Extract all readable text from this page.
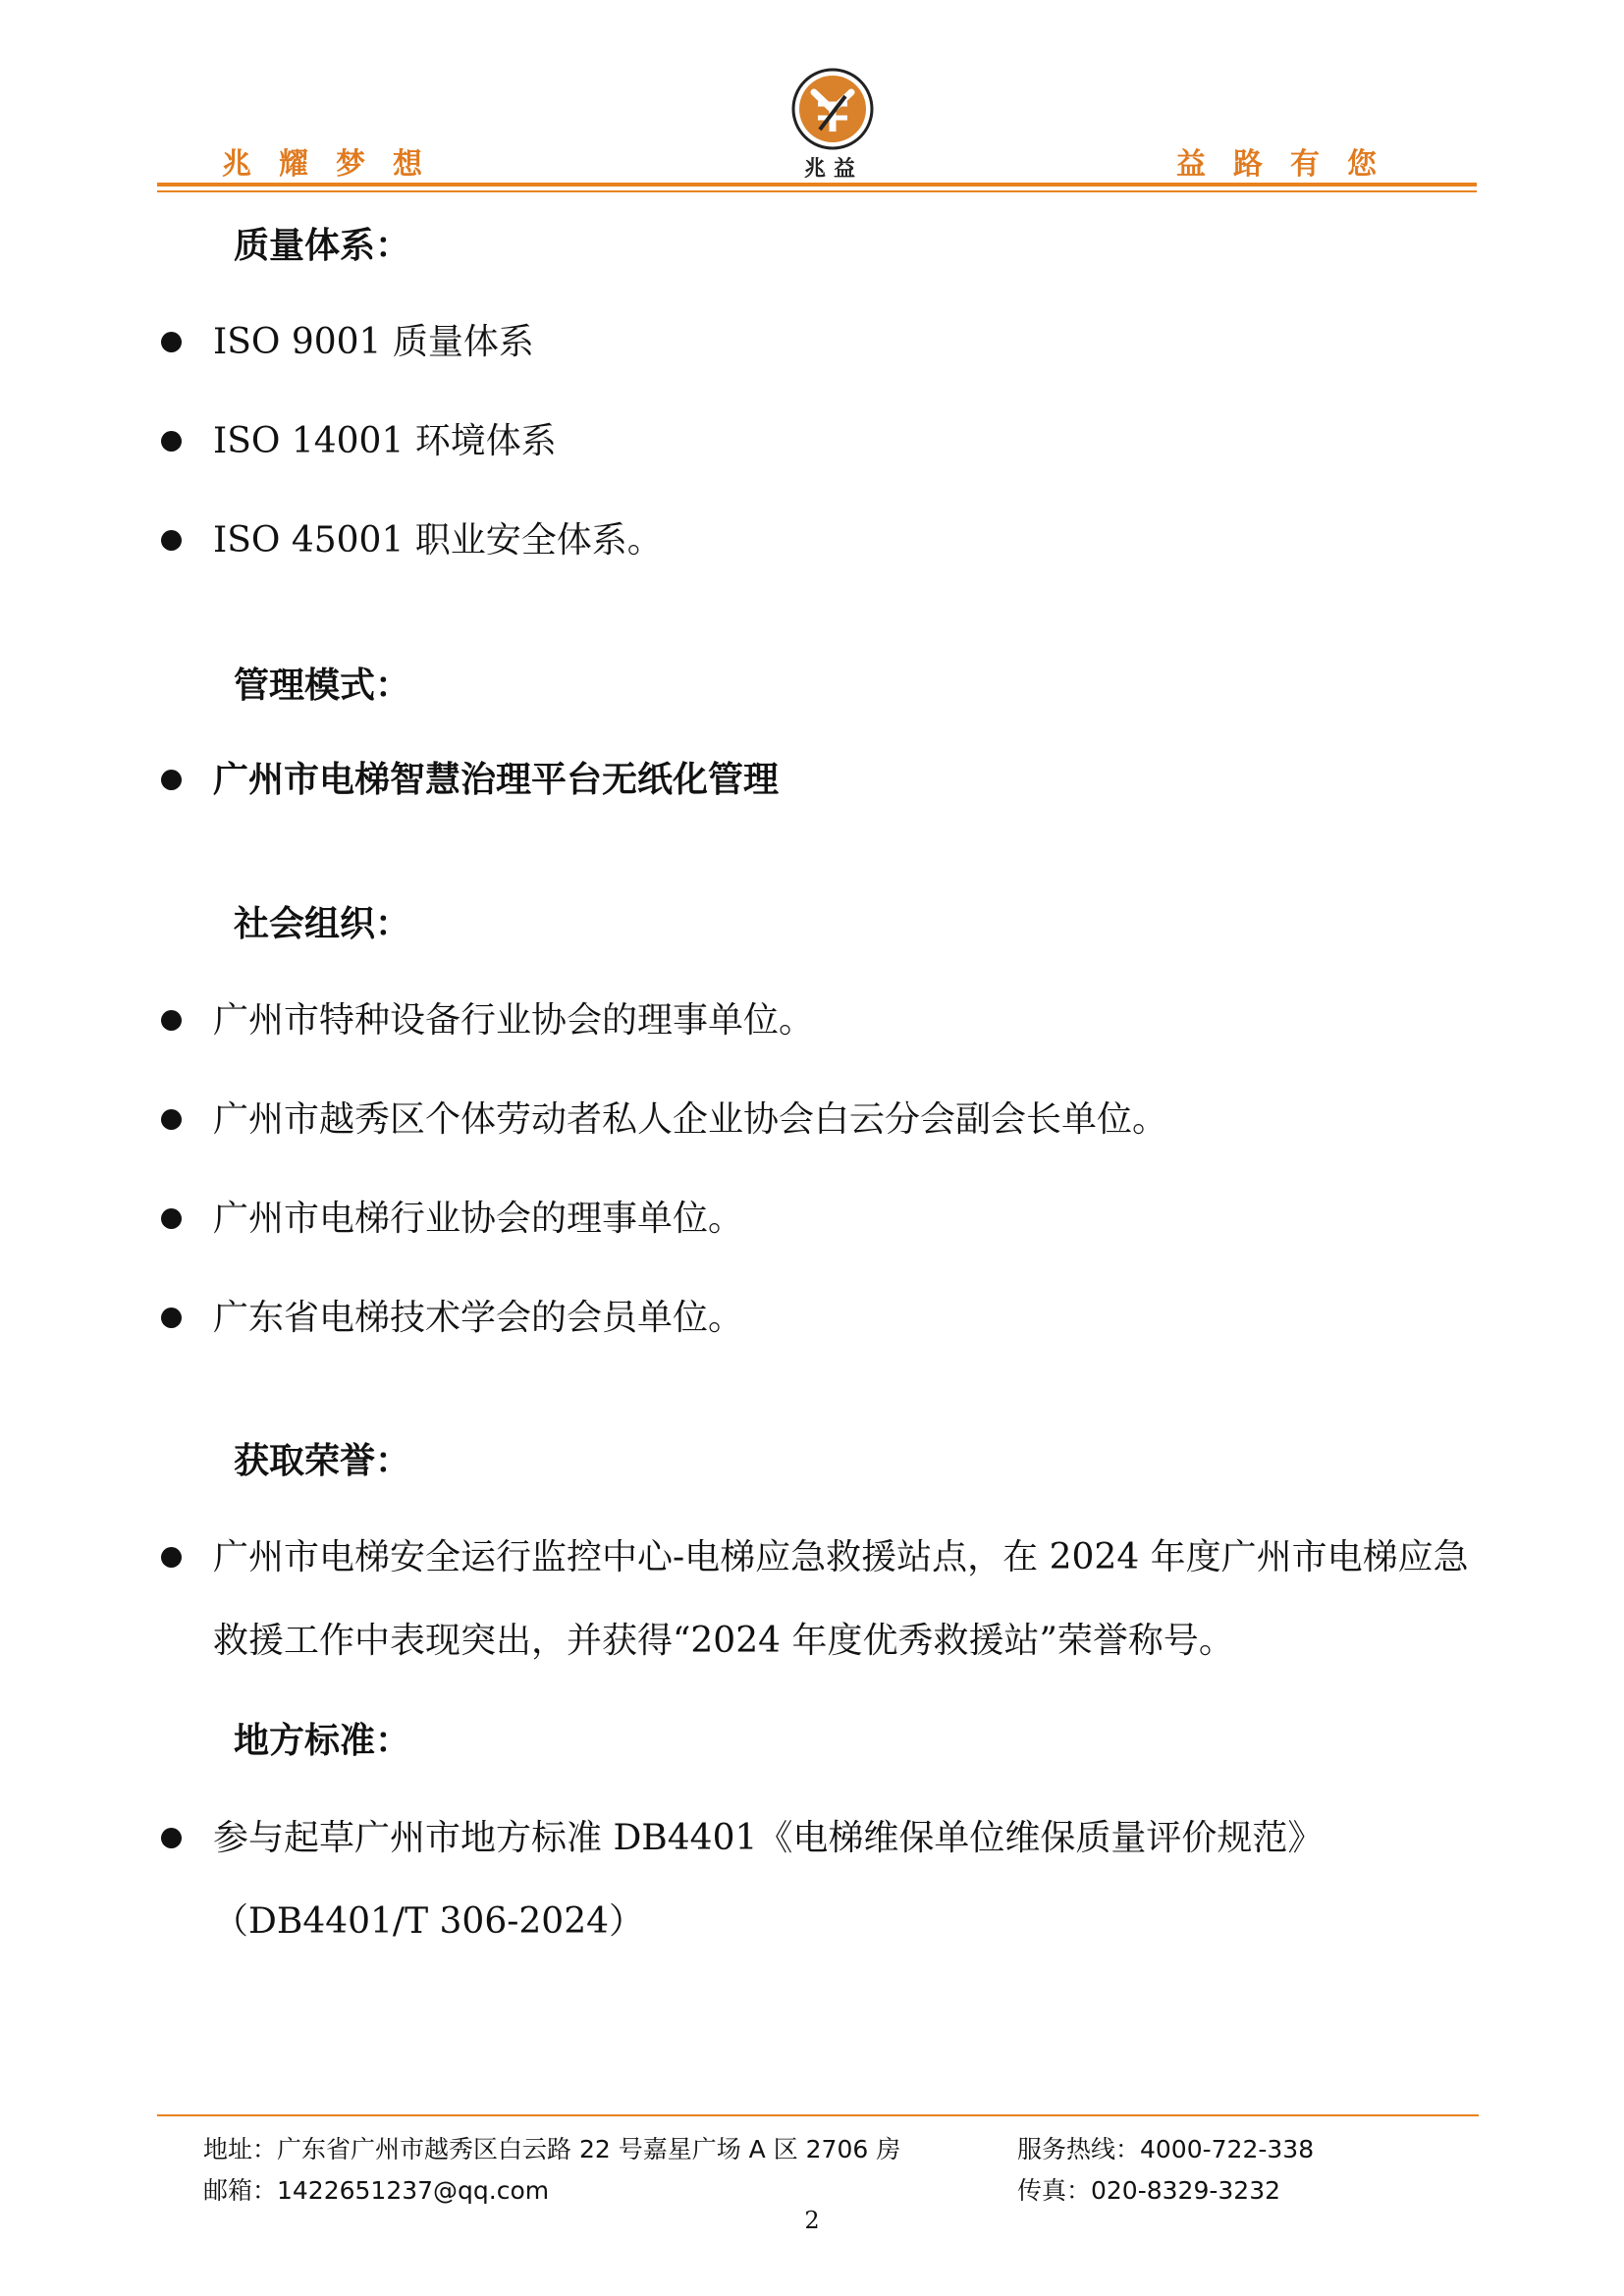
兆耀梦想	兆益	益路有您
质量体系：
ISO 9001 质量体系
ISO 14001 环境体系
ISO 45001 职业安全体系。
管理模式：
广州市电梯智慧治理平台无纸化管理
社会组织：
广州市特种设备行业协会的理事单位。
广州市越秀区个体劳动者私人企业协会白云分会副会长单位。
广州市电梯行业协会的理事单位。
广东省电梯技术学会的会员单位。
获取荣誉：
广州市电梯安全运行监控中心-电梯应急救援站点，在 2024 年度广州市电梯应急救援工作中表现突出，并获得“2024 年度优秀救援站”荣誉称号。
地方标准：
参与起草广州市地方标准 DB4401《电梯维保单位维保质量评价规范》（DB4401/T 306-2024）
地址：广东省广州市越秀区白云路 22 号嘉星广场 A 区 2706 房	服务热线：4000-722-338
邮箱：1422651237@qq.com	传真：020-8329-3232
2
